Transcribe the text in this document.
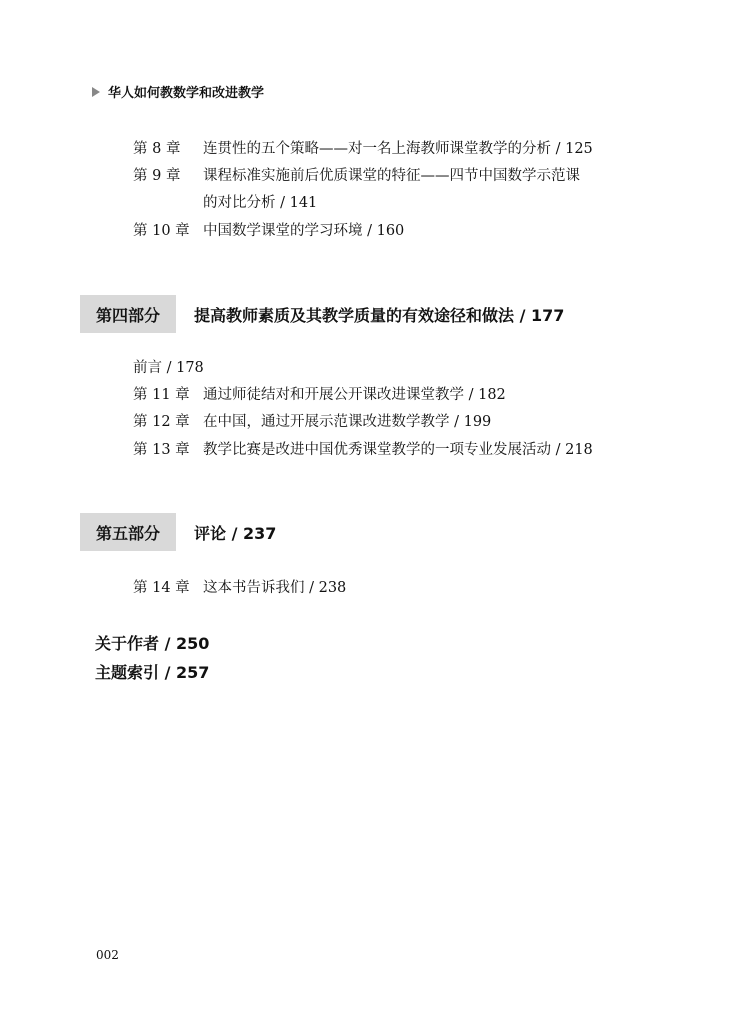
华人如何教数学和改进教学
第 8 章 连贯性的五个策略——对一名上海教师课堂教学的分析 / 125
第 9 章 课程标准实施前后优质课堂的特征——四节中国数学示范课
的对比分析 / 141
第 10 章 中国数学课堂的学习环境 / 160
第四部分	提高教师素质及其教学质量的有效途径和做法 / 177
前言 / 178
第 11 章 通过师徒结对和开展公开课改进课堂教学 / 182
第 12 章 在中国，通过开展示范课改进数学教学 / 199
第 13 章 教学比赛是改进中国优秀课堂教学的一项专业发展活动 / 218
第五部分	评论 / 237
第 14 章 这本书告诉我们 / 238
关于作者 / 250
主题索引 / 257
002
